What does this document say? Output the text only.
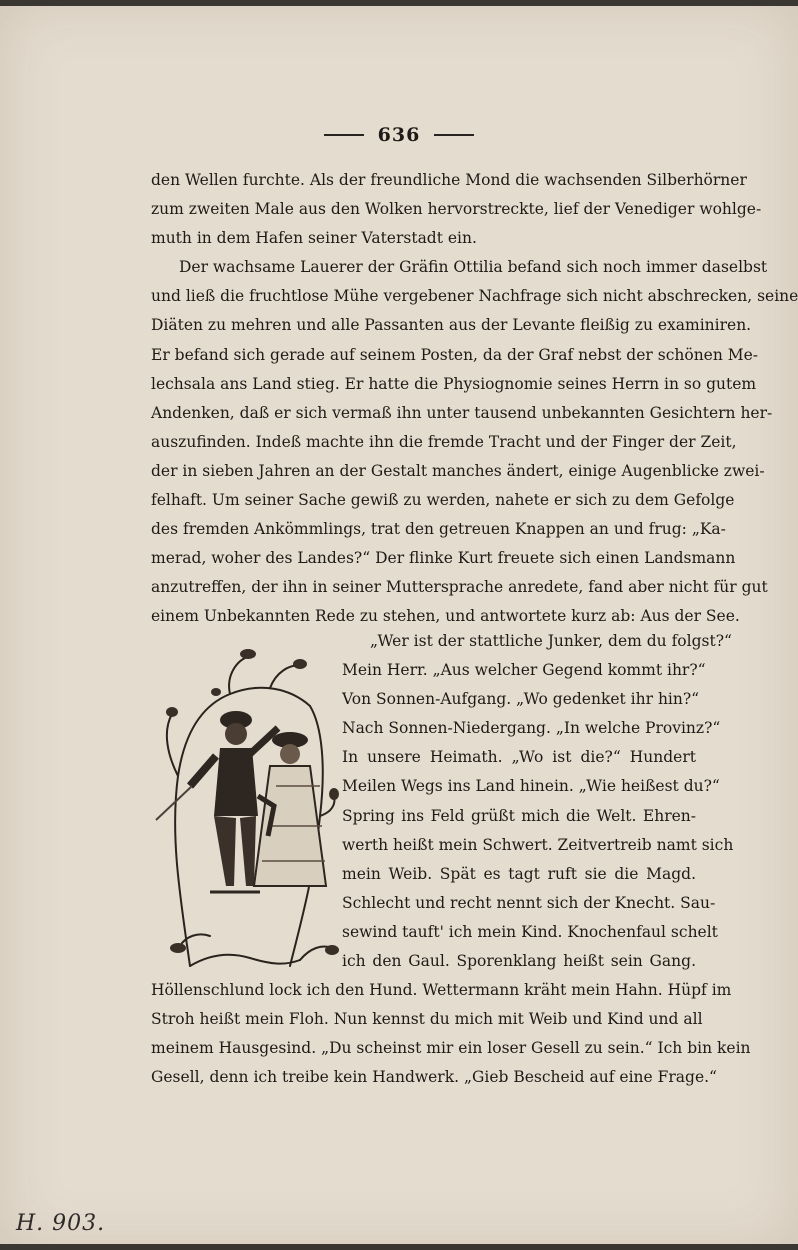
636
den Wellen furchte. Als der freundliche Mond die wachsenden Silberhörner
zum zweiten Male aus den Wolken hervorstreckte, lief der Venediger wohlge-
muth in dem Hafen seiner Vaterstadt ein.
Der wachsame Lauerer der Gräfin Ottilia befand sich noch immer daselbst
und ließ die fruchtlose Mühe vergebener Nachfrage sich nicht abschrecken, seine
Diäten zu mehren und alle Passanten aus der Levante fleißig zu examiniren.
Er befand sich gerade auf seinem Posten, da der Graf nebst der schönen Me-
lechsala ans Land stieg. Er hatte die Physiognomie seines Herrn in so gutem
Andenken, daß er sich vermaß ihn unter tausend unbekannten Gesichtern her-
auszufinden. Indeß machte ihn die fremde Tracht und der Finger der Zeit,
der in sieben Jahren an der Gestalt manches ändert, einige Augenblicke zwei-
felhaft. Um seiner Sache gewiß zu werden, nahete er sich zu dem Gefolge
des fremden Ankömmlings, trat den getreuen Knappen an und frug: „Ka-
merad, woher des Landes?“ Der flinke Kurt freuete sich einen Landsmann
anzutreffen, der ihn in seiner Muttersprache anredete, fand aber nicht für gut
einem Unbekannten Rede zu stehen, und antwortete kurz ab: Aus der See.
„Wer ist der stattliche Junker, dem du folgst?“
Mein Herr. „Aus welcher Gegend kommt ihr?“
Von Sonnen-Aufgang. „Wo gedenket ihr hin?“
Nach Sonnen-Niedergang. „In welche Provinz?“
In unsere Heimath. „Wo ist die?“ Hundert
Meilen Wegs ins Land hinein. „Wie heißest du?“
Spring ins Feld grüßt mich die Welt. Ehren-
werth heißt mein Schwert. Zeitvertreib namt sich
mein Weib. Spät es tagt ruft sie die Magd.
Schlecht und recht nennt sich der Knecht. Sau-
sewind tauft' ich mein Kind. Knochenfaul schelt
ich den Gaul. Sporenklang heißt sein Gang.
Höllenschlund lock ich den Hund. Wettermann kräht mein Hahn. Hüpf im
Stroh heißt mein Floh. Nun kennst du mich mit Weib und Kind und all
meinem Hausgesind. „Du scheinst mir ein loser Gesell zu sein.“ Ich bin kein
Gesell, denn ich treibe kein Handwerk. „Gieb Bescheid auf eine Frage.“
H. 903.
